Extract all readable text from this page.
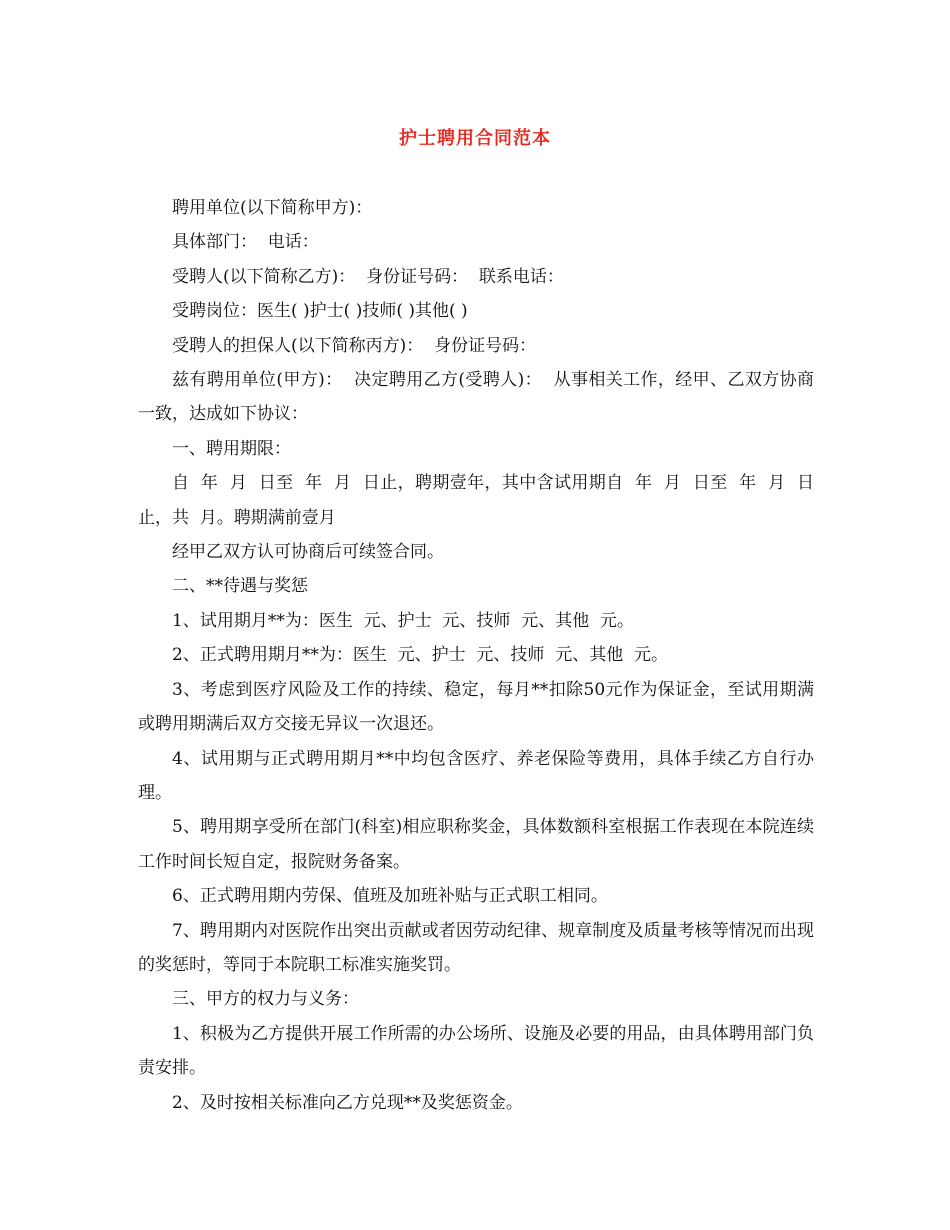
护士聘用合同范本

聘用单位(以下简称甲方)：

具体部门：  电话：

受聘人(以下简称乙方)：  身份证号码：  联系电话：

受聘岗位：医生( )护士( )技师( )其他( )

受聘人的担保人(以下简称丙方)：  身份证号码：

兹有聘用单位(甲方)：  决定聘用乙方(受聘人)：  从事相关工作，经甲、乙双方协商一致，达成如下协议：

一、聘用期限：

自  年  月  日至  年  月  日止，聘期壹年，其中含试用期自  年  月  日至  年  月  日止，共  月。聘期满前壹月

经甲乙双方认可协商后可续签合同。

二、**待遇与奖惩

1、试用期月**为：医生  元、护士  元、技师  元、其他  元。

2、正式聘用期月**为：医生  元、护士  元、技师  元、其他  元。

3、考虑到医疗风险及工作的持续、稳定，每月**扣除50元作为保证金，至试用期满或聘用期满后双方交接无异议一次退还。

4、试用期与正式聘用期月**中均包含医疗、养老保险等费用，具体手续乙方自行办理。

5、聘用期享受所在部门(科室)相应职称奖金，具体数额科室根据工作表现在本院连续工作时间长短自定，报院财务备案。

6、正式聘用期内劳保、值班及加班补贴与正式职工相同。

7、聘用期内对医院作出突出贡献或者因劳动纪律、规章制度及质量考核等情况而出现的奖惩时，等同于本院职工标准实施奖罚。

三、甲方的权力与义务：

1、积极为乙方提供开展工作所需的办公场所、设施及必要的用品，由具体聘用部门负责安排。

2、及时按相关标准向乙方兑现**及奖惩资金。
